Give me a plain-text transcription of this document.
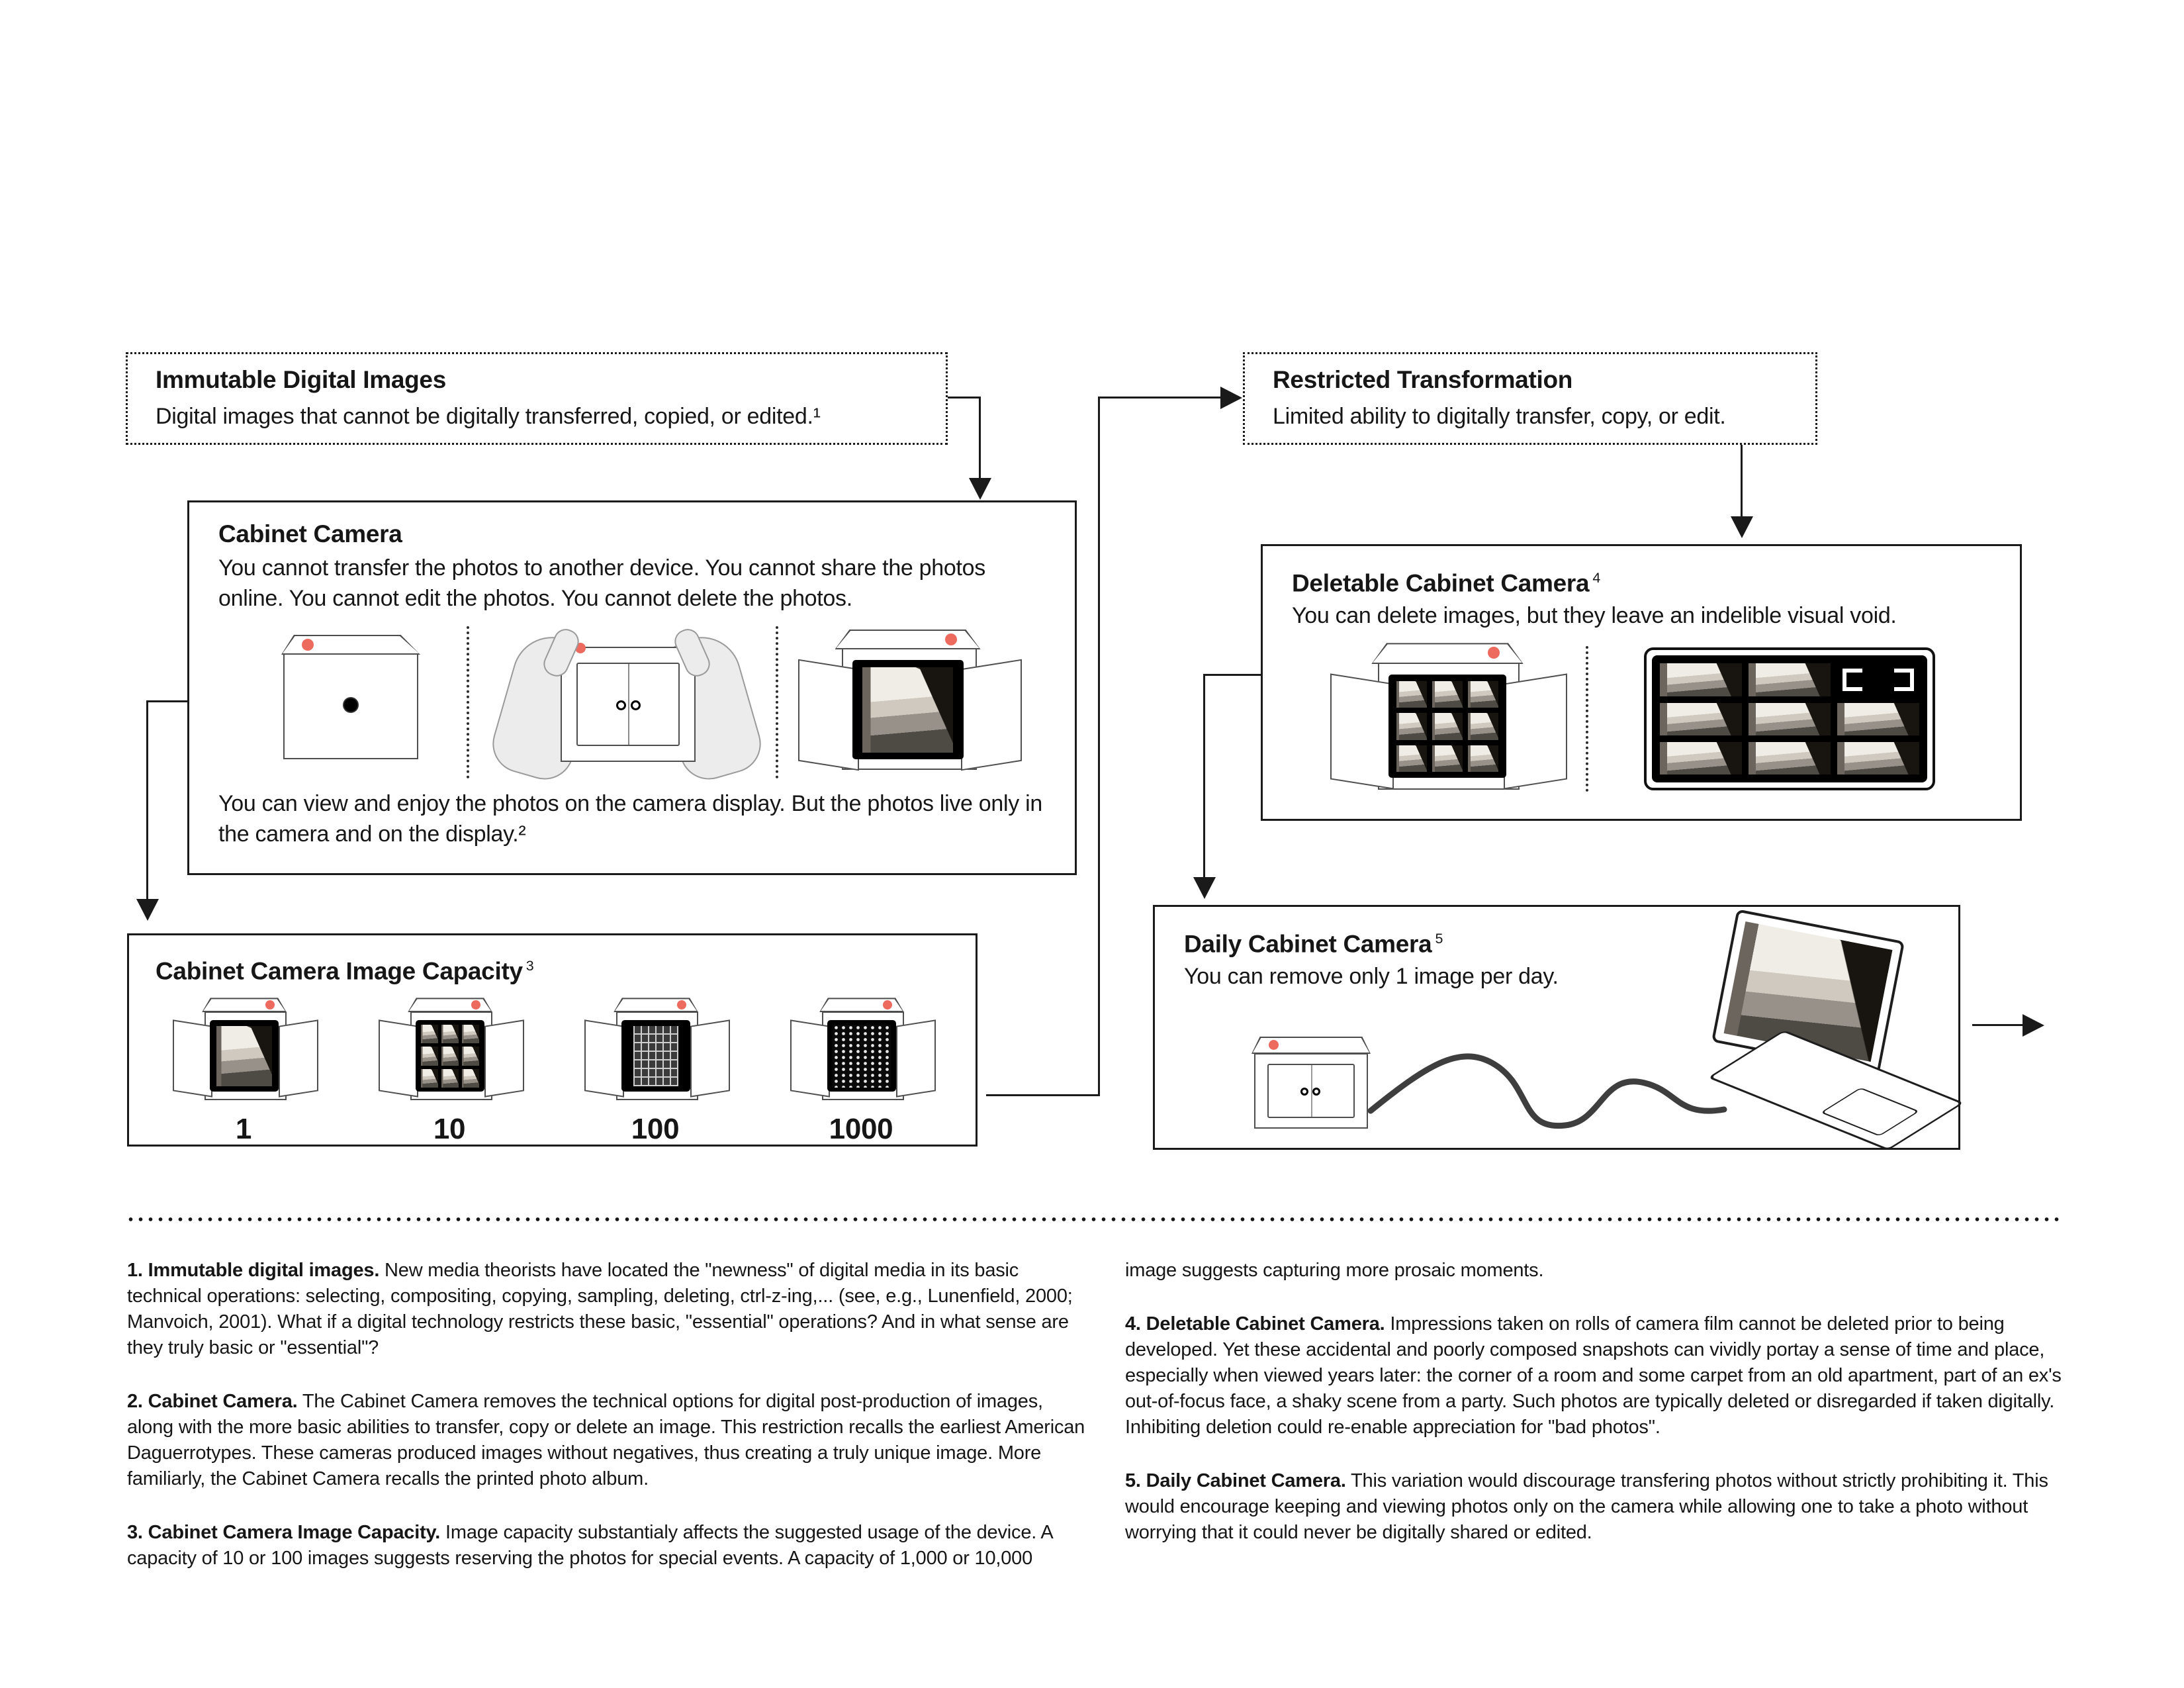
Immutable Digital Images
Digital images that cannot be digitally transferred, copied, or edited.¹
Restricted Transformation
Limited ability to digitally transfer, copy, or edit.
Cabinet Camera
You cannot transfer the photos to another device. You cannot share the photos online. You cannot edit the photos. You cannot delete the photos.
You can view and enjoy the photos on the camera display. But the photos live only in the camera and on the display.²
Deletable Cabinet Camera $^4$
You can delete images, but they leave an indelible visual void.
Cabinet Camera Image Capacity $^3$
1	10	100	1000
Daily Cabinet Camera $^5$
You can remove only 1 image per day.

1. Immutable digital images. New media theorists have located the "newness" of digital media in its basic technical operations: selecting, compositing, copying, sampling, deleting, ctrl-z-ing,... (see, e.g., Lunenfield, 2000; Manvoich, 2001). What if a digital technology restricts these basic, "essential" operations? And in what sense are they truly basic or "essential"?

2. Cabinet Camera. The Cabinet Camera removes the technical options for digital post-production of images, along with the more basic abilities to transfer, copy or delete an image. This restriction recalls the earliest American Daguerrotypes. These cameras produced images without negatives, thus creating a truly unique image. More familiarly, the Cabinet Camera recalls the printed photo album.

3. Cabinet Camera Image Capacity. Image capacity substantialy affects the suggested usage of the device. A capacity of 10 or 100 images suggests reserving the photos for special events. A capacity of 1,000 or 10,000

image suggests capturing more prosaic moments.

4. Deletable Cabinet Camera. Impressions taken on rolls of camera film cannot be deleted prior to being developed. Yet these accidental and poorly composed snapshots can vividly portay a sense of time and place, especially when viewed years later: the corner of a room and some carpet from an old apartment, part of an ex's out-of-focus face, a shaky scene from a party. Such photos are typically deleted or disregarded if taken digitally. Inhibiting deletion could re-enable appreciation for "bad photos".

5. Daily Cabinet Camera. This variation would discourage transfering photos without strictly prohibiting it. This would encourage keeping and viewing photos only on the camera while allowing one to take a photo without worrying that it could never be digitally shared or edited.
